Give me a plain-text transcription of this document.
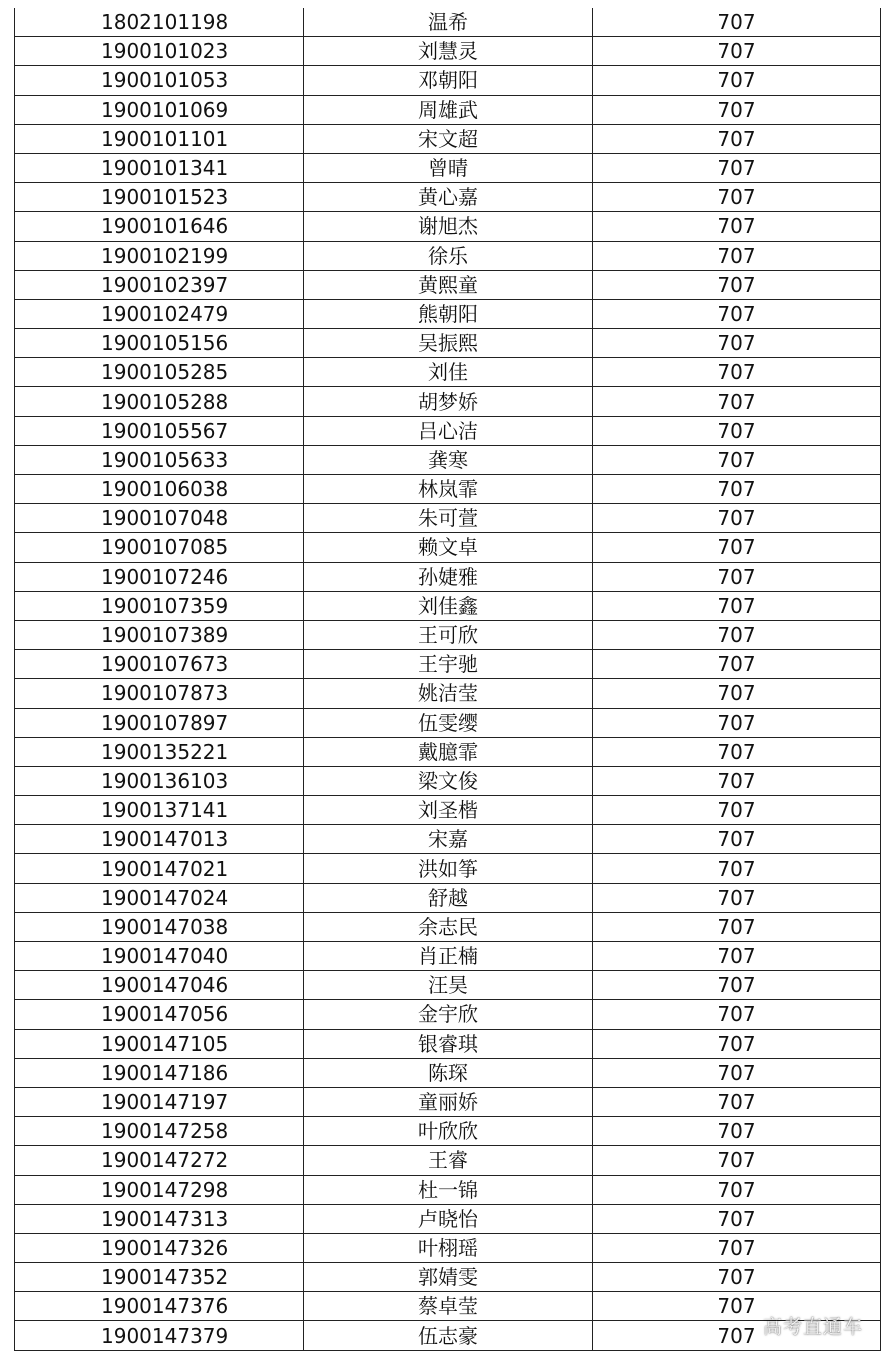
1802101198	温希	707
1900101023	刘慧灵	707
1900101053	邓朝阳	707
1900101069	周雄武	707
1900101101	宋文超	707
1900101341	曾晴	707
1900101523	黄心嘉	707
1900101646	谢旭杰	707
1900102199	徐乐	707
1900102397	黄熙童	707
1900102479	熊朝阳	707
1900105156	吴振熙	707
1900105285	刘佳	707
1900105288	胡梦娇	707
1900105567	吕心洁	707
1900105633	龚寒	707
1900106038	林岚霏	707
1900107048	朱可萱	707
1900107085	赖文卓	707
1900107246	孙婕雅	707
1900107359	刘佳鑫	707
1900107389	王可欣	707
1900107673	王宇驰	707
1900107873	姚洁莹	707
1900107897	伍雯缨	707
1900135221	戴臆霏	707
1900136103	梁文俊	707
1900137141	刘圣楷	707
1900147013	宋嘉	707
1900147021	洪如筝	707
1900147024	舒越	707
1900147038	余志民	707
1900147040	肖正楠	707
1900147046	汪昊	707
1900147056	金宇欣	707
1900147105	银睿琪	707
1900147186	陈琛	707
1900147197	童丽娇	707
1900147258	叶欣欣	707
1900147272	王睿	707
1900147298	杜一锦	707
1900147313	卢晓怡	707
1900147326	叶栩瑶	707
1900147352	郭婧雯	707
1900147376	蔡卓莹	707
1900147379	伍志豪	707 高考直通车
